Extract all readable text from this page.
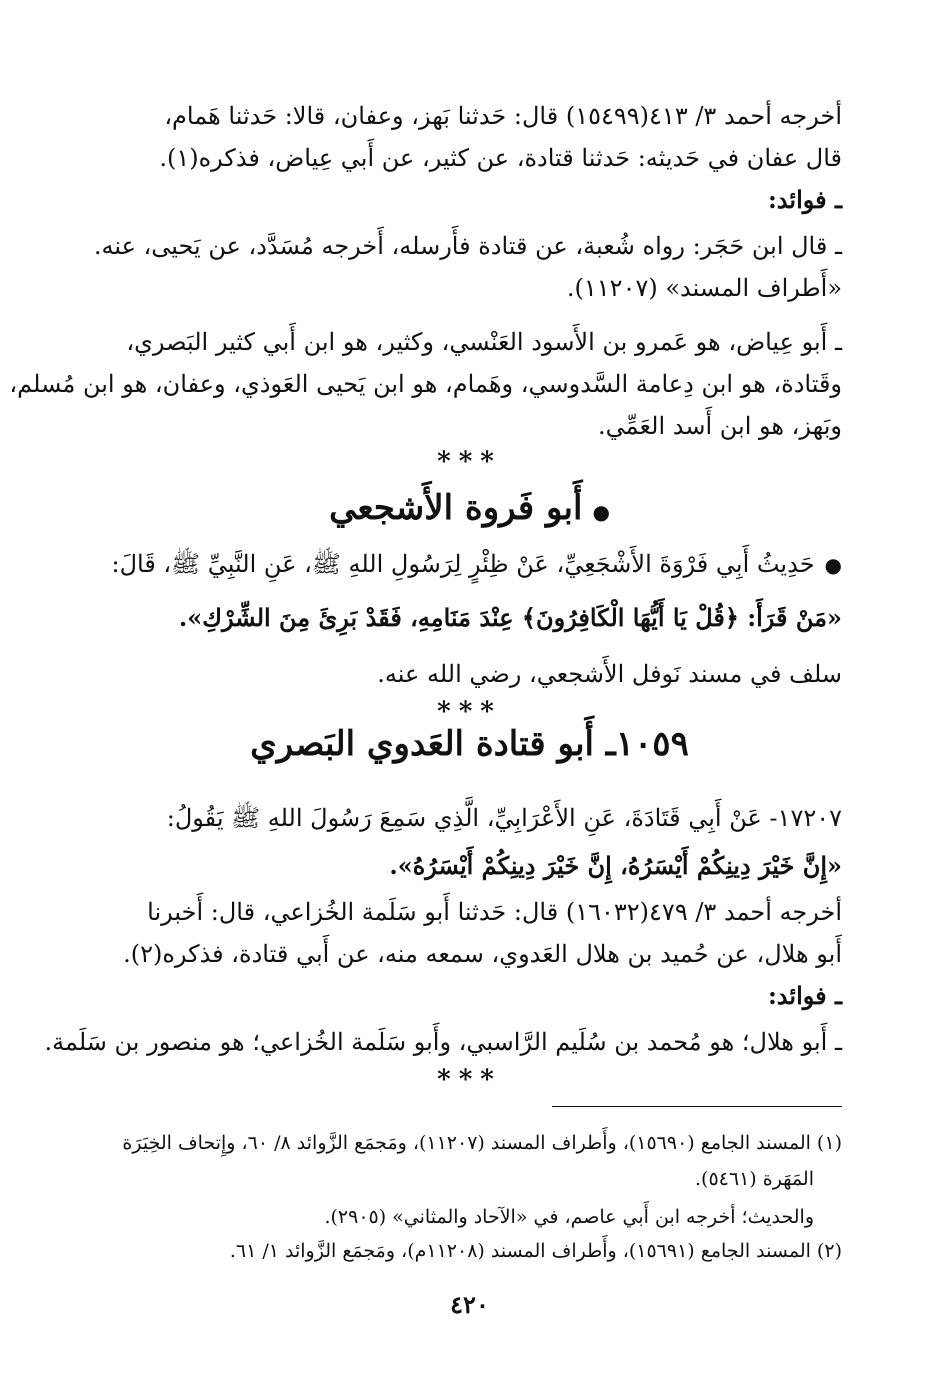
أخرجه أحمد ٣/ ٤١٣(١٥٤٩٩) قال: حَدثنا بَهز، وعفان، قالا: حَدثنا هَمام،
قال عفان في حَديثه: حَدثنا قتادة، عن كثير، عن أَبي عِياض، فذكره(١).
ـ فوائد:
ـ قال ابن حَجَر: رواه شُعبة، عن قتادة فأَرسله، أَخرجه مُسَدَّد، عن يَحيى، عنه.
«أَطراف المسند» (١١٢٠٧).
ـ أَبو عِياض، هو عَمرو بن الأَسود العَنْسي، وكثير، هو ابن أَبي كثير البَصري،
وقَتادة، هو ابن دِعامة السَّدوسي، وهَمام، هو ابن يَحيى العَوذي، وعفان، هو ابن مُسلم،
وبَهز، هو ابن أَسد العَمِّي.
***
●أَبو فَروة الأَشجعي
●حَدِيثُ أَبِي فَرْوَةَ الأَشْجَعِيِّ، عَنْ ظِئْرٍ لِرَسُولِ اللهِ ﷺ، عَنِ النَّبِيِّ ﷺ، قَالَ:
«مَنْ قَرَأَ: ﴿قُلْ يَا أَيُّهَا الْكَافِرُونَ﴾ عِنْدَ مَنَامِهِ، فَقَدْ بَرِئَ مِنَ الشِّرْكِ».
سلف في مسند نَوفل الأَشجعي، رضي الله عنه.
***
١٠٥٩ـ أَبو قتادة العَدوي البَصري
١٧٢٠٧- عَنْ أَبِي قَتَادَةَ، عَنِ الأَعْرَابِيِّ، الَّذِي سَمِعَ رَسُولَ اللهِ ﷺ يَقُولُ:
«إِنَّ خَيْرَ دِينِكُمْ أَيْسَرُهُ، إِنَّ خَيْرَ دِينِكُمْ أَيْسَرُهُ».
أخرجه أحمد ٣/ ٤٧٩(١٦٠٣٢) قال: حَدثنا أَبو سَلَمة الخُزاعي، قال: أَخبرنا
أَبو هلال، عن حُميد بن هلال العَدوي، سمعه منه، عن أَبي قتادة، فذكره(٢).
ـ فوائد:
ـ أَبو هلال؛ هو مُحمد بن سُلَيم الرَّاسبي، وأَبو سَلَمة الخُزاعي؛ هو منصور بن سَلَمة.
***
(١) المسند الجامع (١٥٦٩٠)، وأَطراف المسند (١١٢٠٧)، ومَجمَع الزَّوائد ٨/ ٦٠، وإِتحاف الخِيَرَة
المَهَرة (٥٤٦١).
والحديث؛ أخرجه ابن أَبي عاصم، في «الآحاد والمثاني» (٢٩٠٥).
(٢) المسند الجامع (١٥٦٩١)، وأَطراف المسند (١١٢٠٨م)، ومَجمَع الزَّوائد ١/ ٦١.
٤٢٠
